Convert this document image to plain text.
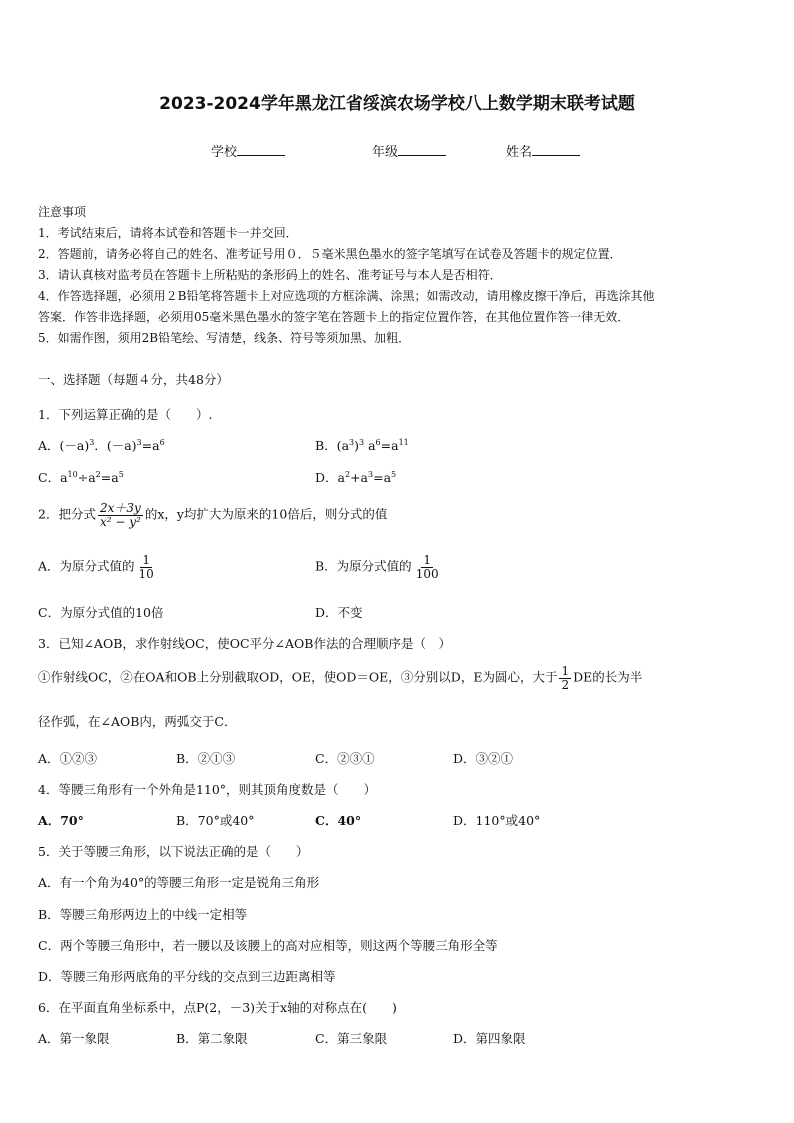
2023-2024学年黑龙江省绥滨农场学校八上数学期末联考试题
学校	年级	姓名
注意事项
1．考试结束后，请将本试卷和答题卡一并交回．
2．答题前，请务必将自己的姓名、准考证号用０．５毫米黑色墨水的签字笔填写在试卷及答题卡的规定位置．
3．请认真核对监考员在答题卡上所粘贴的条形码上的姓名、准考证号与本人是否相符．
4．作答选择题，必须用２B铅笔将答题卡上对应选项的方框涂满、涂黑；如需改动，请用橡皮擦干净后，再选涂其他
答案．作答非选择题，必须用05毫米黑色墨水的签字笔在答题卡上的指定位置作答，在其他位置作答一律无效．
5．如需作图，须用2B铅笔绘、写清楚，线条、符号等须加黑、加粗．
一、选择题（每题４分，共48分）
1．下列运算正确的是（　　）.
A．$(-a)^3$．$(-a)^3=a^6$	B．$(a^3)^3$ $a^6=a^{11}$
C．$a^{10}\div a^2=a^5$	D．$a^2+a^3=a^5$
2．把分式 $\frac{2x+3y}{\text{x² − y²}}$ 的x，y均扩大为原来的10倍后，则分式的值
A．为原分式值的 $\frac{1}{10}$	B．为原分式值的 $\frac{1}{100}$
C．为原分式值的10倍	D．不变
3．已知∠AOB，求作射线OC，使OC平分∠AOB作法的合理顺序是（　）
①作射线OC，②在OA和OB上分别截取OD，OE，使OD＝OE，③分别以D，E为圆心，大于 $\frac{1}{2}$ DE的长为半
径作弧，在∠AOB内，两弧交于C．
A．①②③	B．②①③	C．②③①	D．③②①
4．等腰三角形有一个外角是110°，则其顶角度数是（　　）
A．70°	B．70°或40°	C．40°	D．110°或40°
5．关于等腰三角形，以下说法正确的是（　　）
A．有一个角为40°的等腰三角形一定是锐角三角形
B．等腰三角形两边上的中线一定相等
C．两个等腰三角形中，若一腰以及该腰上的高对应相等，则这两个等腰三角形全等
D．等腰三角形两底角的平分线的交点到三边距离相等
6．在平面直角坐标系中，点P(2，－3)关于x轴的对称点在(　　)
A．第一象限	B．第二象限	C．第三象限	D．第四象限
